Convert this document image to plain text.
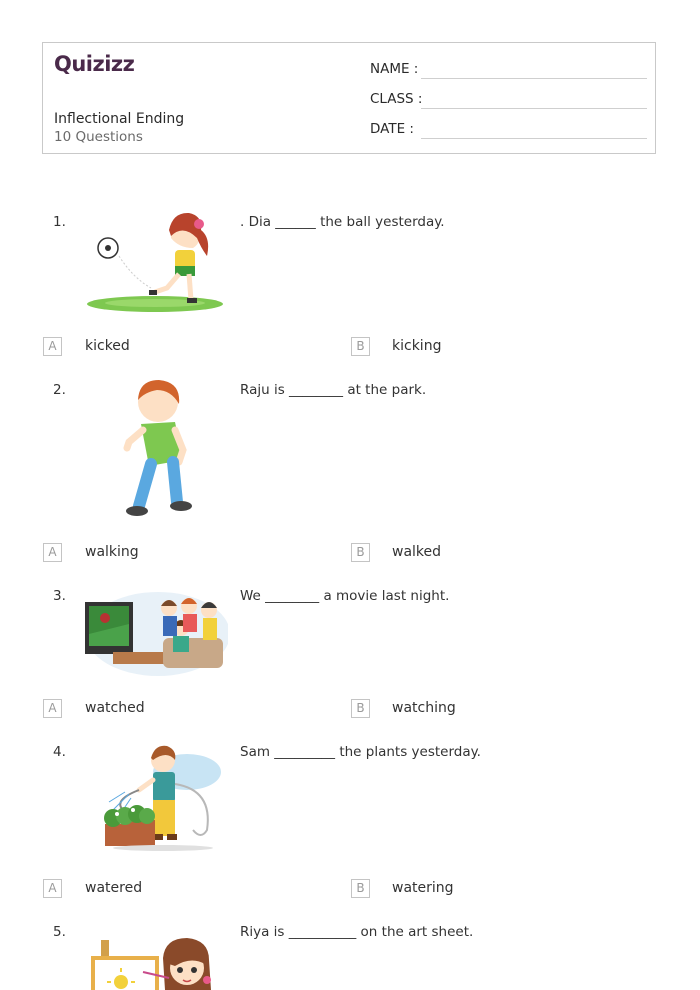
Quizizz
Inflectional Ending
10 Questions
NAME :
CLASS :
DATE :
1.	. Dia ______ the ball yesterday.
A	kicked	B	kicking
2.	Raju is ________ at the park.
A	walking	B	walked
3.	We ________ a movie last night.
A	watched	B	watching
4.	Sam _________ the plants yesterday.
A	watered	B	watering
5.	Riya is __________ on the art sheet.
